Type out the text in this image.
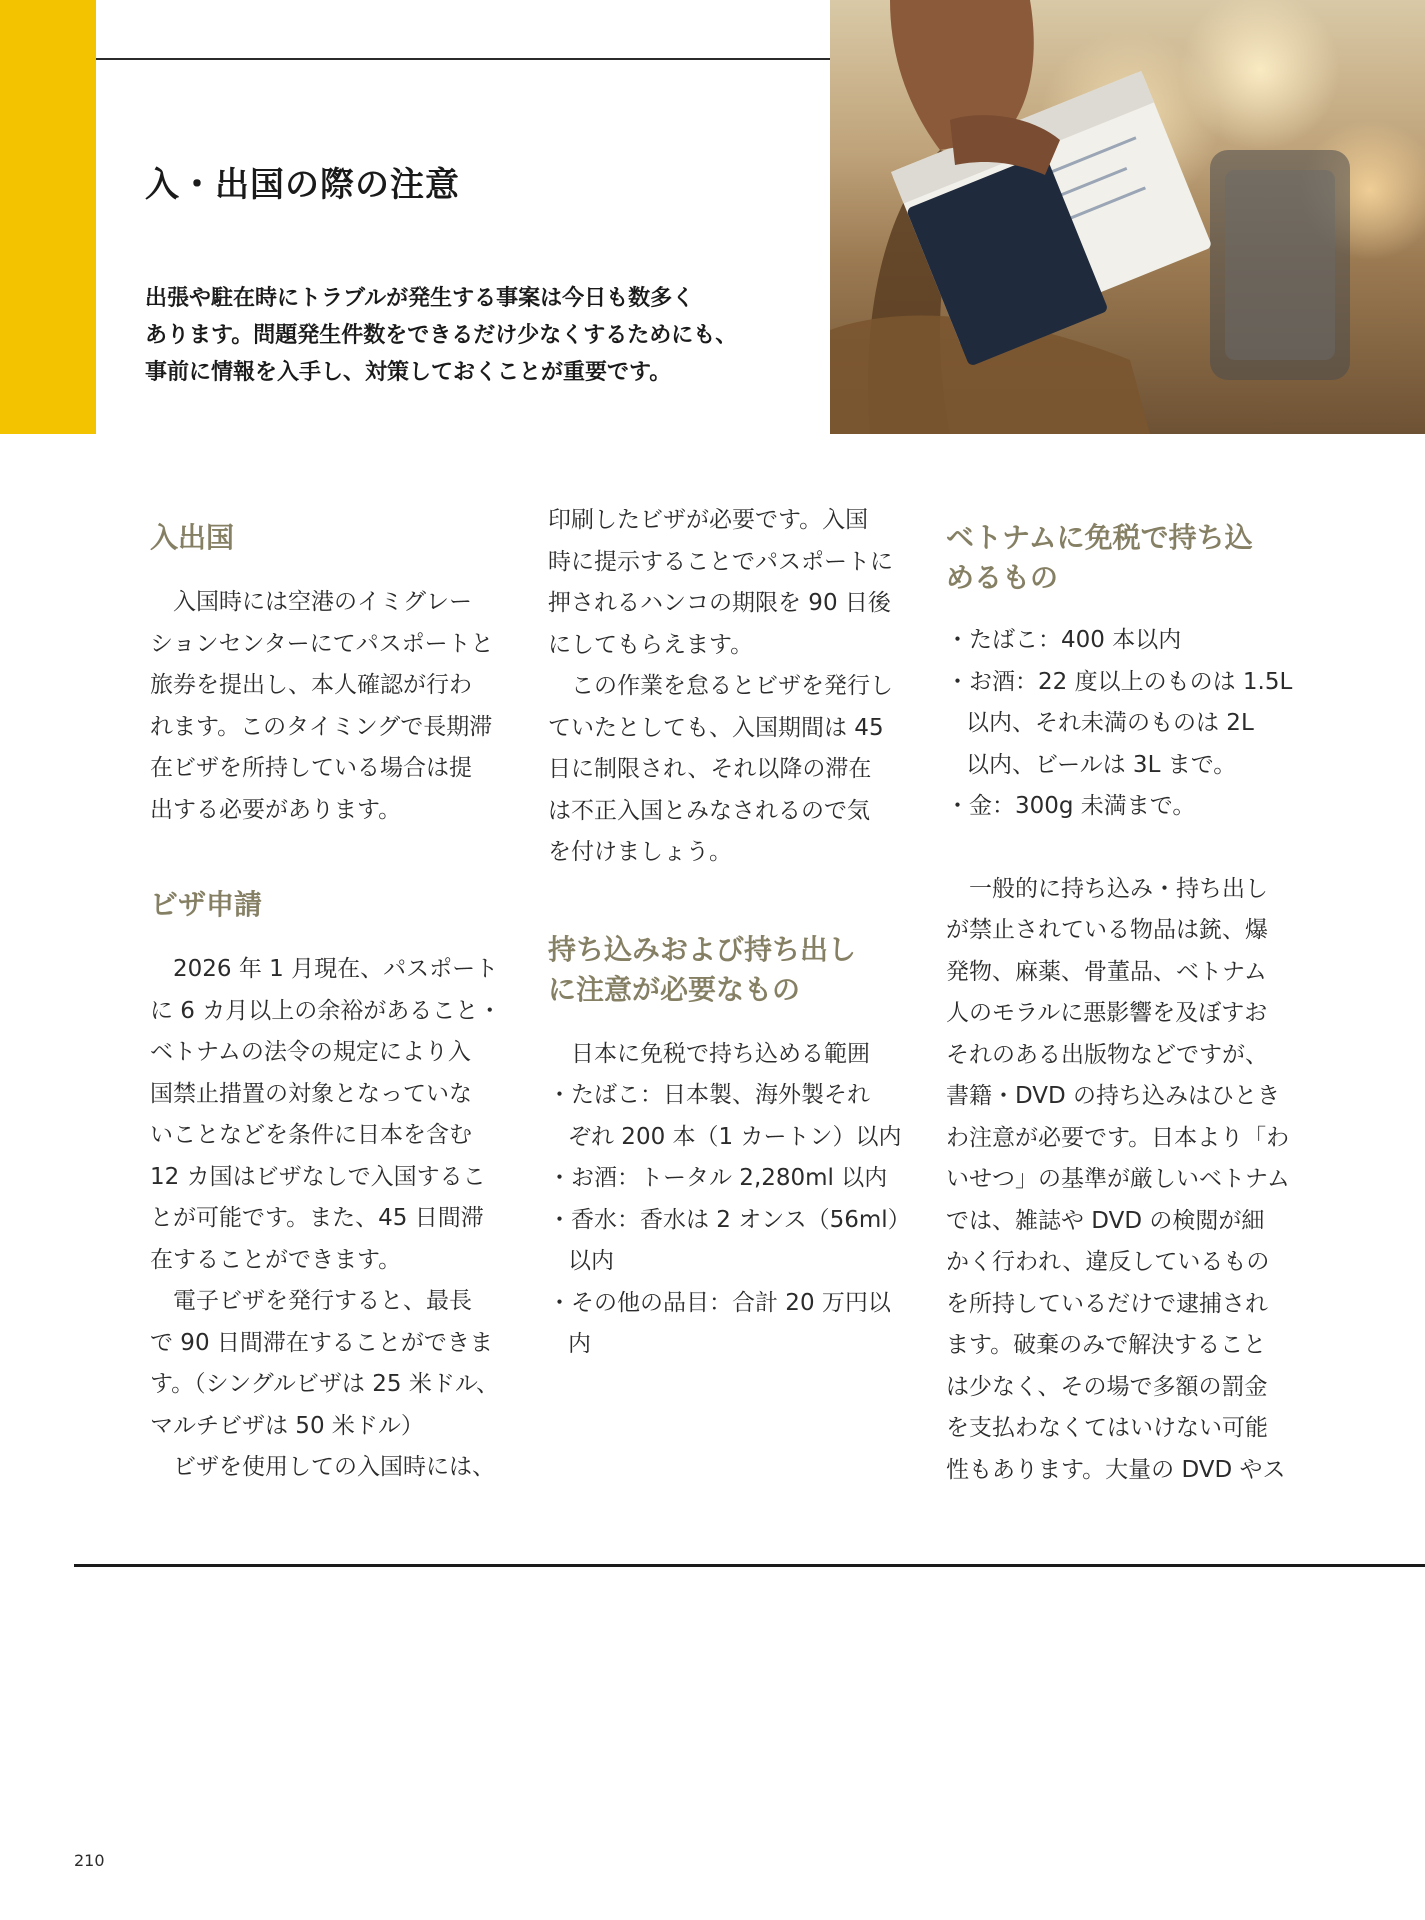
入・出国の際の注意
出張や駐在時にトラブルが発生する事案は今日も数多く
あります。問題発生件数をできるだけ少なくするためにも、
事前に情報を入手し、対策しておくことが重要です。
入出国

　入国時には空港のイミグレー
ションセンターにてパスポートと
旅券を提出し、本人確認が行わ
れます。このタイミングで長期滞
在ビザを所持している場合は提
出する必要があります。

ビザ申請

　2026 年 1 月現在、パスポート
に 6 カ月以上の余裕があること・
ベトナムの法令の規定により入
国禁止措置の対象となっていな
いことなどを条件に日本を含む
12 カ国はビザなしで入国するこ
とが可能です。また、45 日間滞
在することができます。
　電子ビザを発行すると、最長
で 90 日間滞在することができま
す。（シングルビザは 25 米ドル、
マルチビザは 50 米ドル）
　ビザを使用しての入国時には、

印刷したビザが必要です。入国
時に提示することでパスポートに
押されるハンコの期限を 90 日後
にしてもらえます。
　この作業を怠るとビザを発行し
ていたとしても、入国期間は 45
日に制限され、それ以降の滞在
は不正入国とみなされるので気
を付けましょう。

持ち込みおよび持ち出し
に注意が必要なもの

　日本に免税で持ち込める範囲
・たばこ：日本製、海外製それ
ぞれ 200 本（1 カートン）以内
・お酒：トータル 2,280ml 以内
・香水：香水は 2 オンス（56ml）
以内
・その他の品目：合計 20 万円以
内

ベトナムに免税で持ち込
めるもの

・たばこ：400 本以内
・お酒：22 度以上のものは 1.5L
以内、それ未満のものは 2L
以内、ビールは 3L まで。
・金：300g 未満まで。

　一般的に持ち込み・持ち出し
が禁止されている物品は銃、爆
発物、麻薬、骨董品、ベトナム
人のモラルに悪影響を及ぼすお
それのある出版物などですが、
書籍・DVD の持ち込みはひとき
わ注意が必要です。日本より「わ
いせつ」の基準が厳しいベトナム
では、雑誌や DVD の検閲が細
かく行われ、違反しているもの
を所持しているだけで逮捕され
ます。破棄のみで解決すること
は少なく、その場で多額の罰金
を支払わなくてはいけない可能
性もあります。大量の DVD やス

210
